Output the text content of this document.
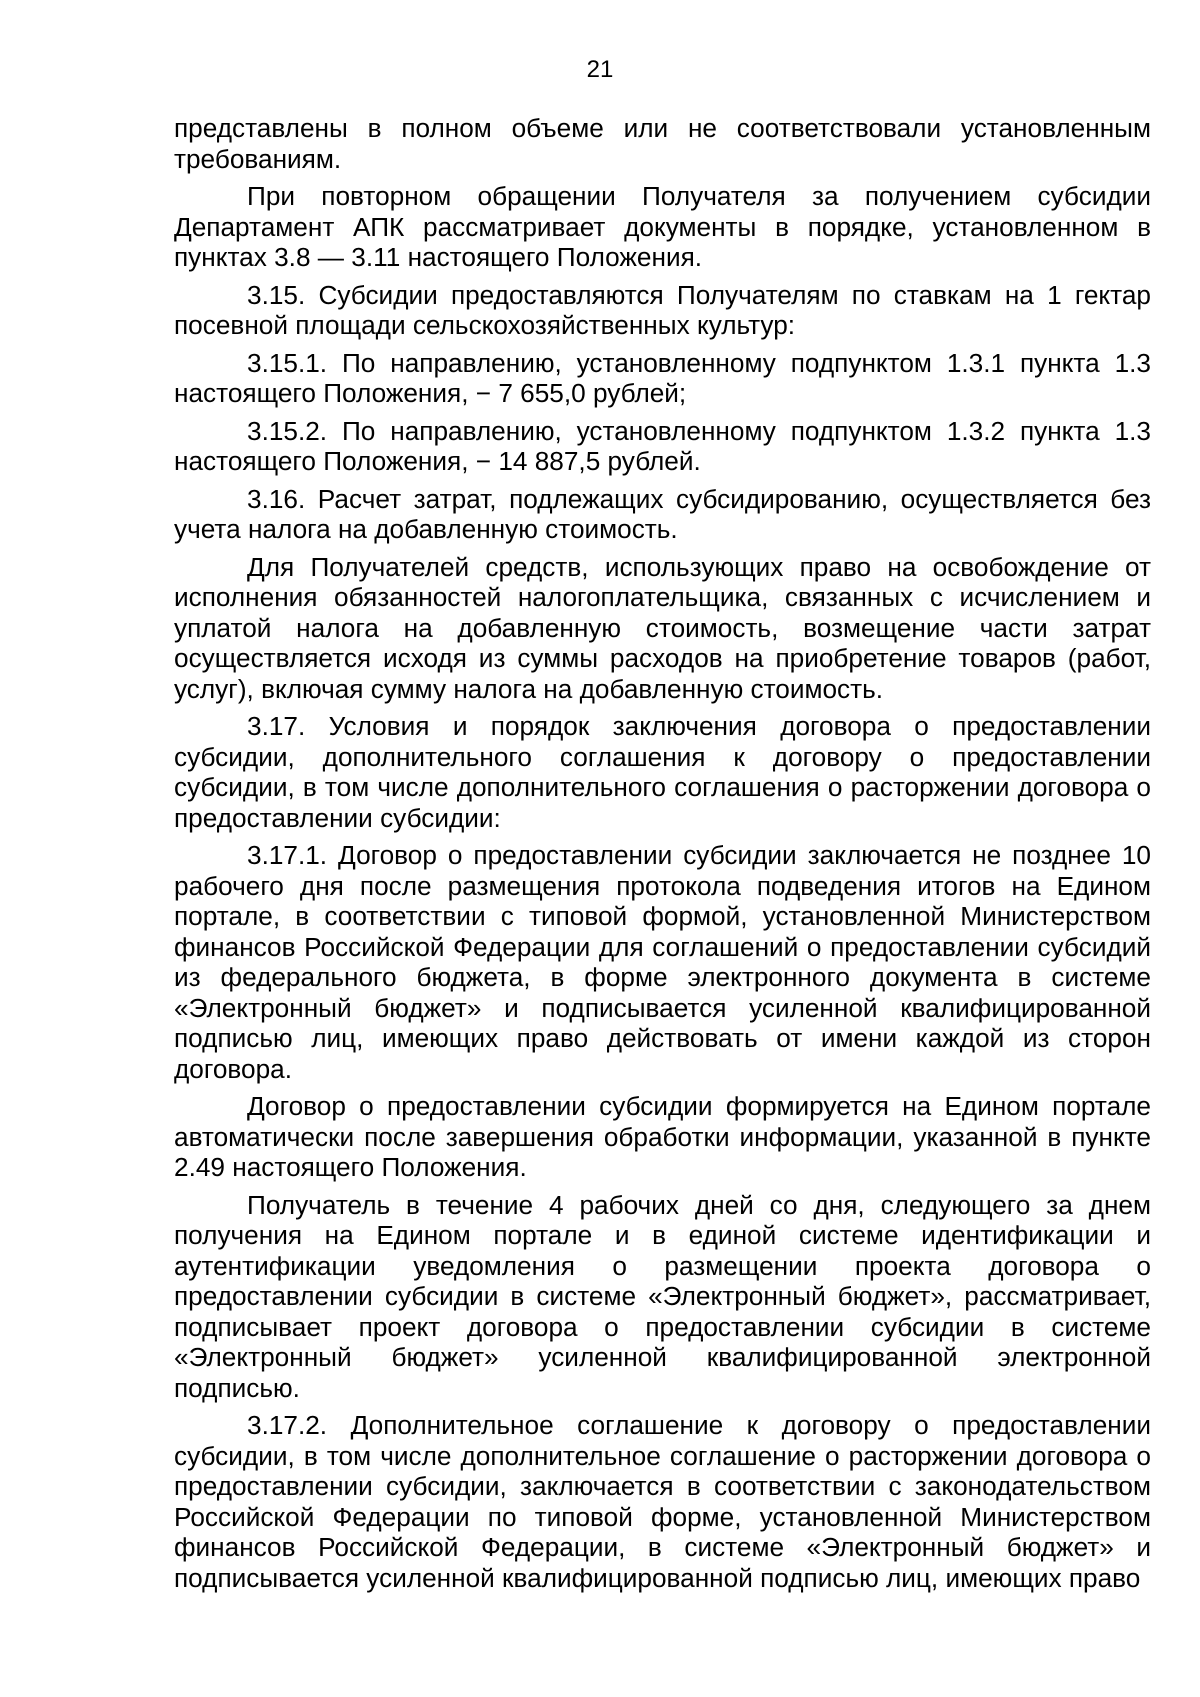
21

представлены в полном объеме или не соответствовали установленным требованиям.

При повторном обращении Получателя за получением субсидии Департамент АПК рассматривает документы в порядке, установленном в пунктах 3.8 — 3.11 настоящего Положения.

3.15. Субсидии предоставляются Получателям по ставкам на 1 гектар посевной площади сельскохозяйственных культур:

3.15.1. По направлению, установленному подпунктом 1.3.1 пункта 1.3 настоящего Положения, − 7 655,0 рублей;

3.15.2. По направлению, установленному подпунктом 1.3.2 пункта 1.3 настоящего Положения, − 14 887,5 рублей.

3.16. Расчет затрат, подлежащих субсидированию, осуществляется без учета налога на добавленную стоимость.

Для Получателей средств, использующих право на освобождение от исполнения обязанностей налогоплательщика, связанных с исчислением и уплатой налога на добавленную стоимость, возмещение части затрат осуществляется исходя из суммы расходов на приобретение товаров (работ, услуг), включая сумму налога на добавленную стоимость.

3.17. Условия и порядок заключения договора о предоставлении субсидии, дополнительного соглашения к договору о предоставлении субсидии, в том числе дополнительного соглашения о расторжении договора о предоставлении субсидии:

3.17.1. Договор о предоставлении субсидии заключается не позднее 10 рабочего дня после размещения протокола подведения итогов на Едином портале, в соответствии с типовой формой, установленной Министерством финансов Российской Федерации для соглашений о предоставлении субсидий из федерального бюджета, в форме электронного документа в системе «Электронный бюджет» и подписывается усиленной квалифицированной подписью лиц, имеющих право действовать от имени каждой из сторон договора.

Договор о предоставлении субсидии формируется на Едином портале автоматически после завершения обработки информации, указанной в пункте 2.49 настоящего Положения.

Получатель в течение 4 рабочих дней со дня, следующего за днем получения на Едином портале и в единой системе идентификации и аутентификации уведомления о размещении проекта договора о предоставлении субсидии в системе «Электронный бюджет», рассматривает, подписывает проект договора о предоставлении субсидии в системе «Электронный бюджет» усиленной квалифицированной электронной подписью.

3.17.2. Дополнительное соглашение к договору о предоставлении субсидии, в том числе дополнительное соглашение о расторжении договора о предоставлении субсидии, заключается в соответствии с законодательством Российской Федерации по типовой форме, установленной Министерством финансов Российской Федерации, в системе «Электронный бюджет» и подписывается усиленной квалифицированной подписью лиц, имеющих право
